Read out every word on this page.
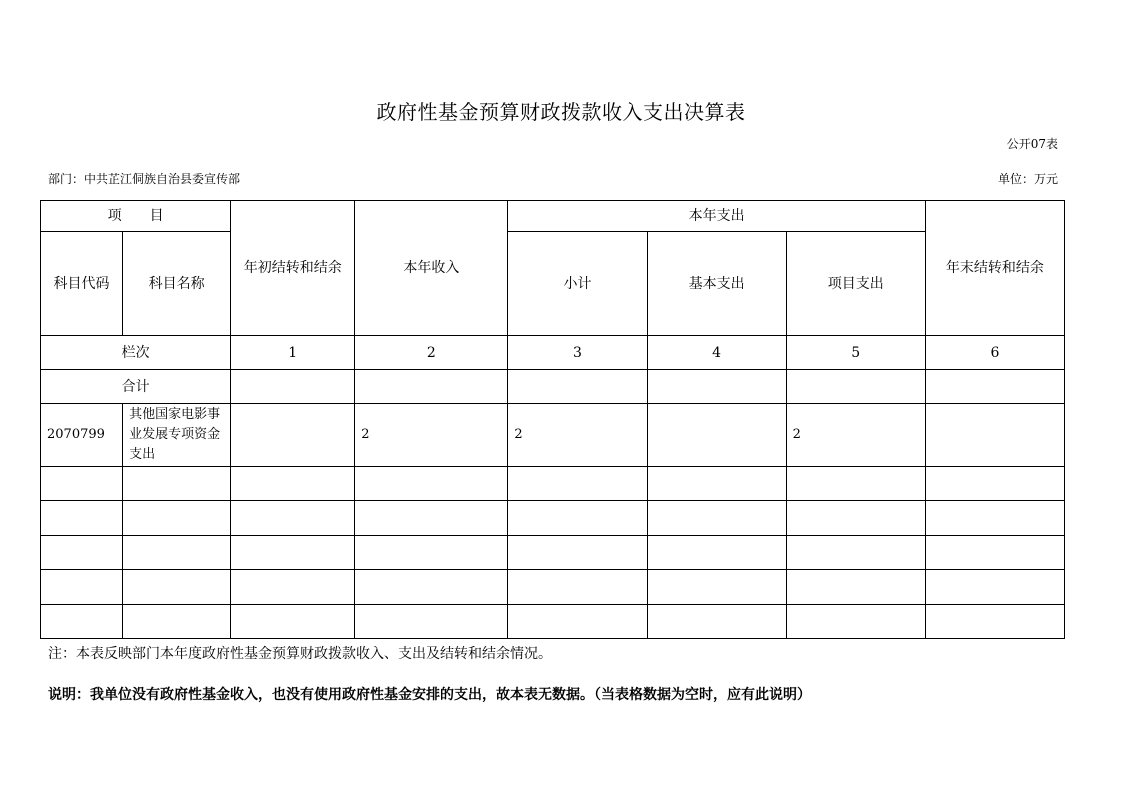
政府性基金预算财政拨款收入支出决算表
公开07表
部门：中共芷江侗族自治县委宣传部	单位：万元
项　　目		年初结转和结余	本年收入	本年支出			年末结转和结余
科目代码	科目名称			小计	基本支出	项目支出	
栏次		1	2	3	4	5	6
合计							
2070799	其他国家电影事业发展专项资金支出		2	2		2	

注：本表反映部门本年度政府性基金预算财政拨款收入、支出及结转和结余情况。
说明：我单位没有政府性基金收入，也没有使用政府性基金安排的支出，故本表无数据。（当表格数据为空时，应有此说明）
